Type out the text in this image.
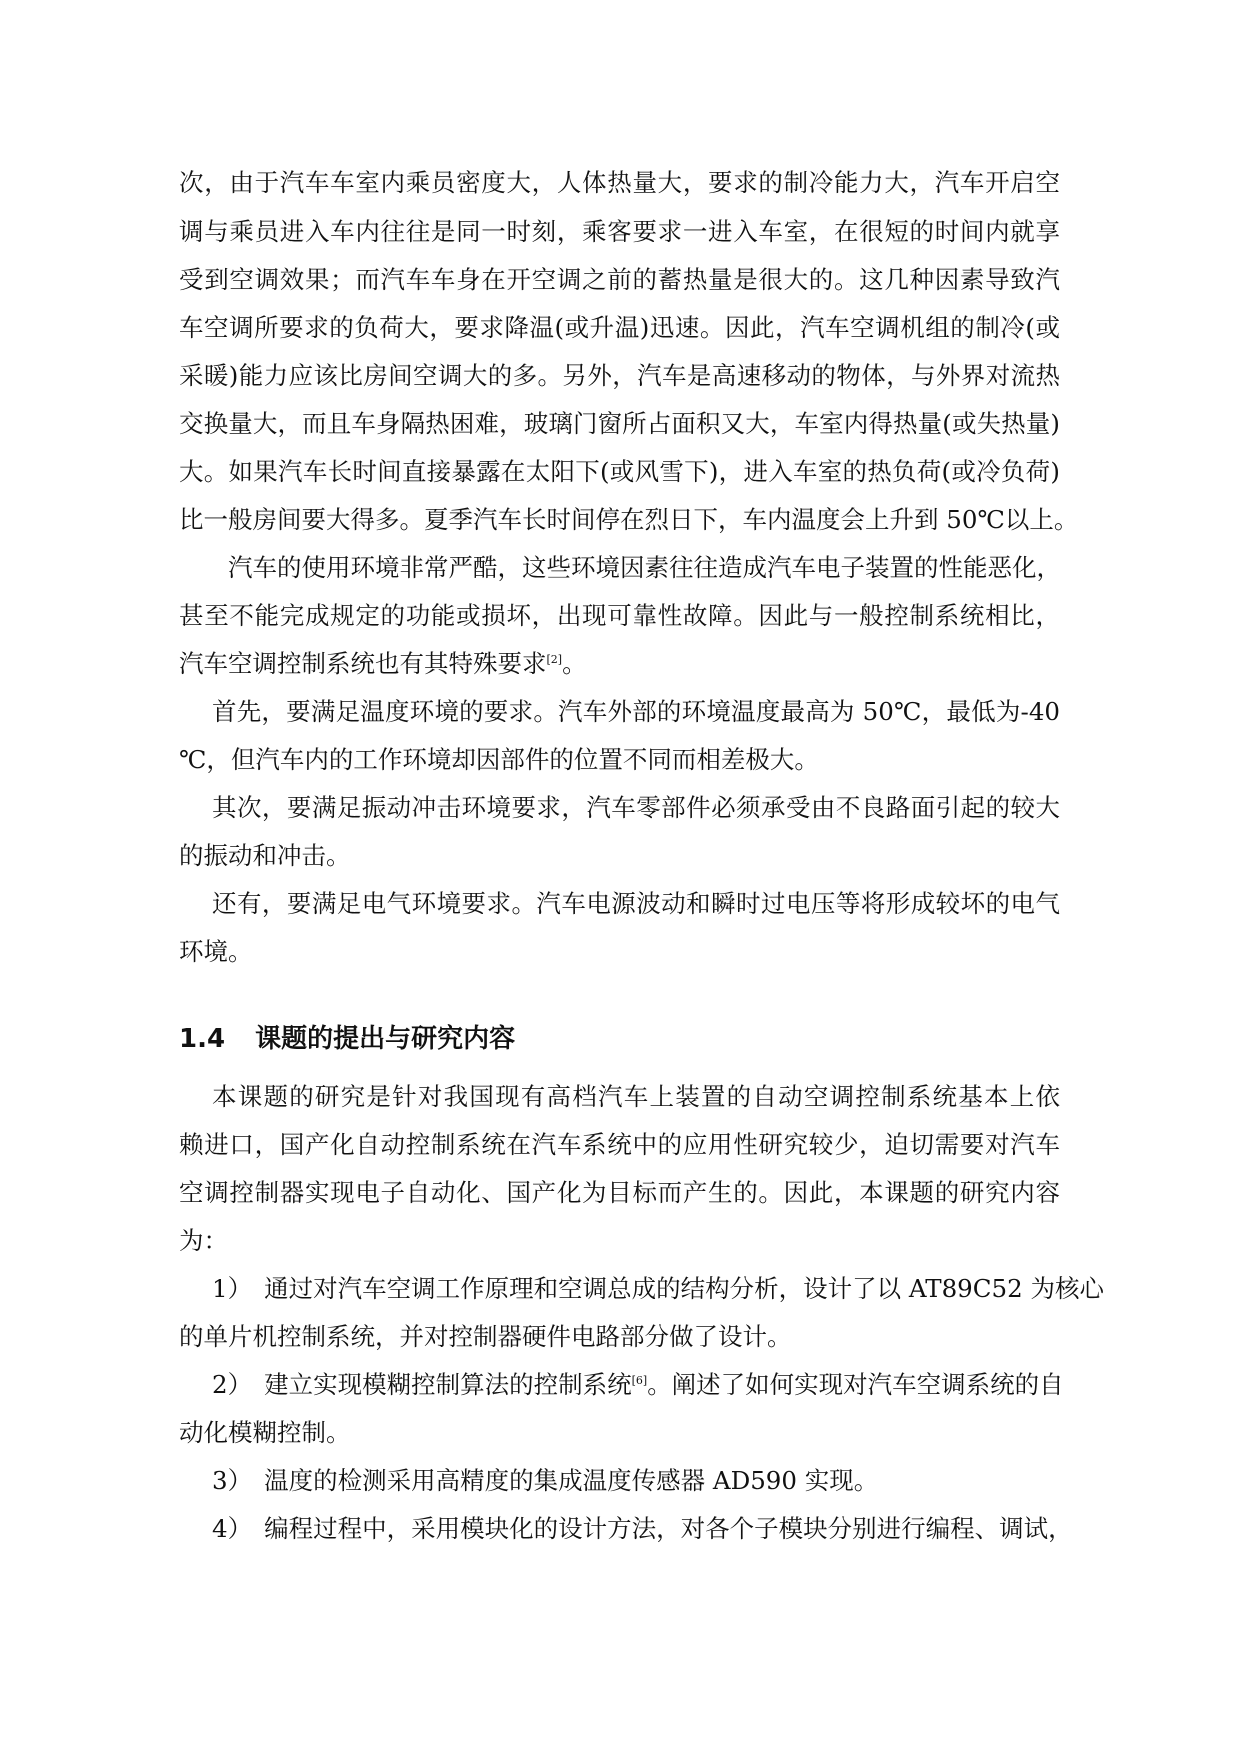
次，由于汽车车室内乘员密度大，人体热量大，要求的制冷能力大，汽车开启空
调与乘员进入车内往往是同一时刻，乘客要求一进入车室，在很短的时间内就享
受到空调效果；而汽车车身在开空调之前的蓄热量是很大的。这几种因素导致汽
车空调所要求的负荷大，要求降温(或升温)迅速。因此，汽车空调机组的制冷(或
采暖)能力应该比房间空调大的多。另外，汽车是高速移动的物体，与外界对流热
交换量大，而且车身隔热困难，玻璃门窗所占面积又大，车室内得热量(或失热量)
大。如果汽车长时间直接暴露在太阳下(或风雪下)，进入车室的热负荷(或冷负荷)
比一般房间要大得多。夏季汽车长时间停在烈日下，车内温度会上升到 50℃以上。
汽车的使用环境非常严酷，这些环境因素往往造成汽车电子装置的性能恶化，
甚至不能完成规定的功能或损坏，出现可靠性故障。因此与一般控制系统相比，
汽车空调控制系统也有其特殊要求[2]。
首先，要满足温度环境的要求。汽车外部的环境温度最高为 50℃，最低为-40
℃，但汽车内的工作环境却因部件的位置不同而相差极大。
其次，要满足振动冲击环境要求，汽车零部件必须承受由不良路面引起的较大
的振动和冲击。
还有，要满足电气环境要求。汽车电源波动和瞬时过电压等将形成较坏的电气
环境。
1.4 课题的提出与研究内容
本课题的研究是针对我国现有高档汽车上装置的自动空调控制系统基本上依
赖进口，国产化自动控制系统在汽车系统中的应用性研究较少，迫切需要对汽车
空调控制器实现电子自动化、国产化为目标而产生的。因此，本课题的研究内容
为：
1） 通过对汽车空调工作原理和空调总成的结构分析，设计了以 AT89C52 为核心
的单片机控制系统，并对控制器硬件电路部分做了设计。
2） 建立实现模糊控制算法的控制系统[6]。阐述了如何实现对汽车空调系统的自
动化模糊控制。
3） 温度的检测采用高精度的集成温度传感器 AD590 实现。
4） 编程过程中，采用模块化的设计方法，对各个子模块分别进行编程、调试，
